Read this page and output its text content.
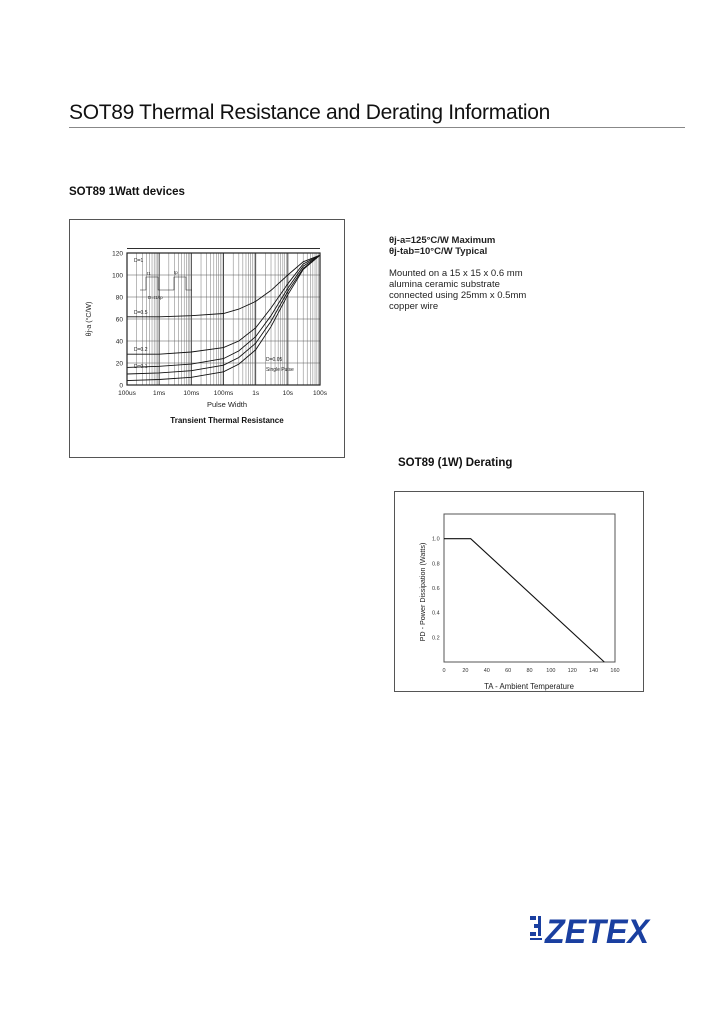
SOT89 Thermal Resistance and Derating Information
SOT89 1Watt devices
0
20
40
60
80
100
120
100us	1ms	10ms 100ms	1s	10s	100s
D=1
D=0.5
D=0.2
D=0.1
D=0.05
Single Pulse
t1	tp
D=t1/tp
θj-a (°C/W)
Pulse Width
Transient Thermal Resistance
θj-a=125°C/W Maximum
θj-tab=10°C/W Typical
Mounted on a 15 x 15 x 0.6 mm
alumina ceramic substrate
connected using 25mm x 0.5mm
copper wire
SOT89 (1W) Derating
0.2
0.4
0.6
0.8
1.0
0	20	40	60	80 100 120 140 160
PD - Power Dissipation (Watts)
TA - Ambient Temperature
ZETEX
